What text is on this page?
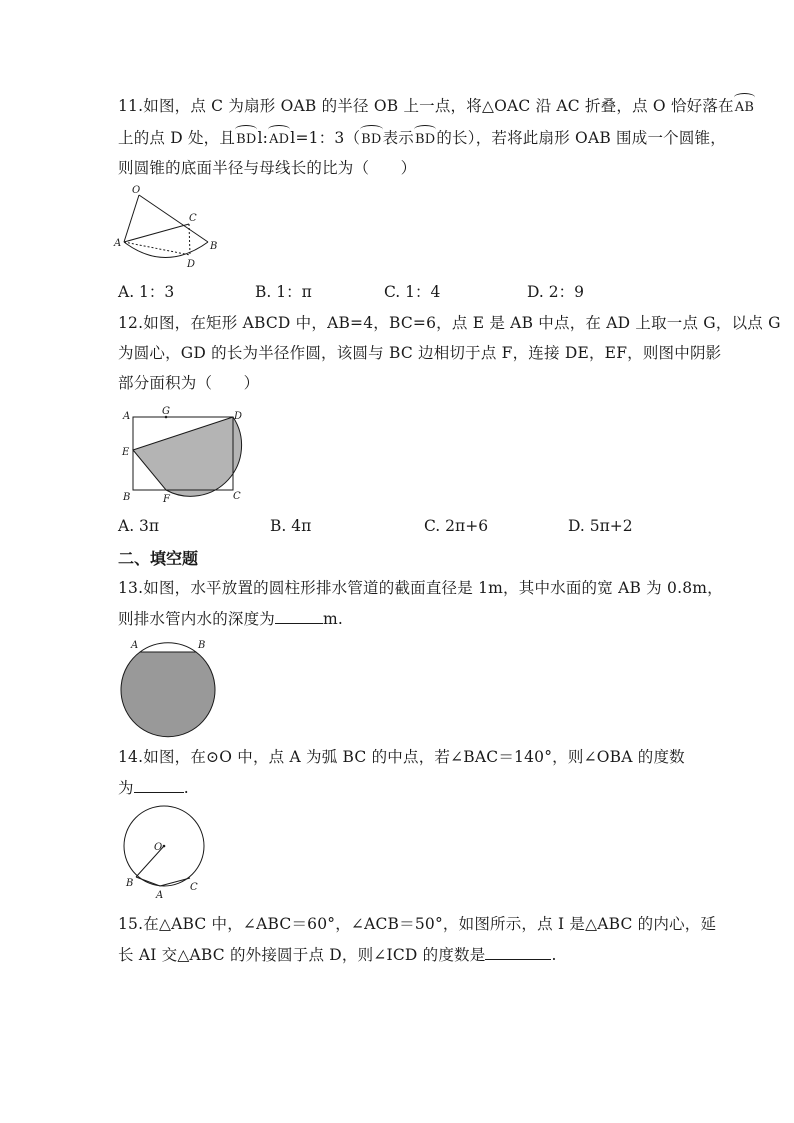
11.如图，点 C 为扇形 OAB 的半径 OB 上一点，将△OAC 沿 AC 折叠，点 O 恰好落在AB
上的点 D 处，且BDl:ADl=1：3（BD表示BD的长），若将此扇形 OAB 围成一个圆锥，
则圆锥的底面半径与母线长的比为（　　）
O
A	B
C
D
A. 1：3	B. 1：π	C. 1：4	D. 2：9
12.如图，在矩形 ABCD 中，AB=4，BC=6，点 E 是 AB 中点，在 AD 上取一点 G，以点 G
为圆心，GD 的长为半径作圆，该圆与 BC 边相切于点 F，连接 DE，EF，则图中阴影
部分面积为（　　）
A	G	D
E
B	F	C
A. 3π	B. 4π	C. 2π+6	D. 5π+2
二、填空题
13.如图，水平放置的圆柱形排水管道的截面直径是 1m，其中水面的宽 AB 为 0.8m，
则排水管内水的深度为	m.
A	B
14.如图，在⊙O 中，点 A 为弧 BC 的中点，若∠BAC＝140°，则∠OBA 的度数
为	.
O
B
A
C
15.在△ABC 中，∠ABC＝60°，∠ACB＝50°，如图所示，点 I 是△ABC 的内心，延
长 AI 交△ABC 的外接圆于点 D，则∠ICD 的度数是	.
